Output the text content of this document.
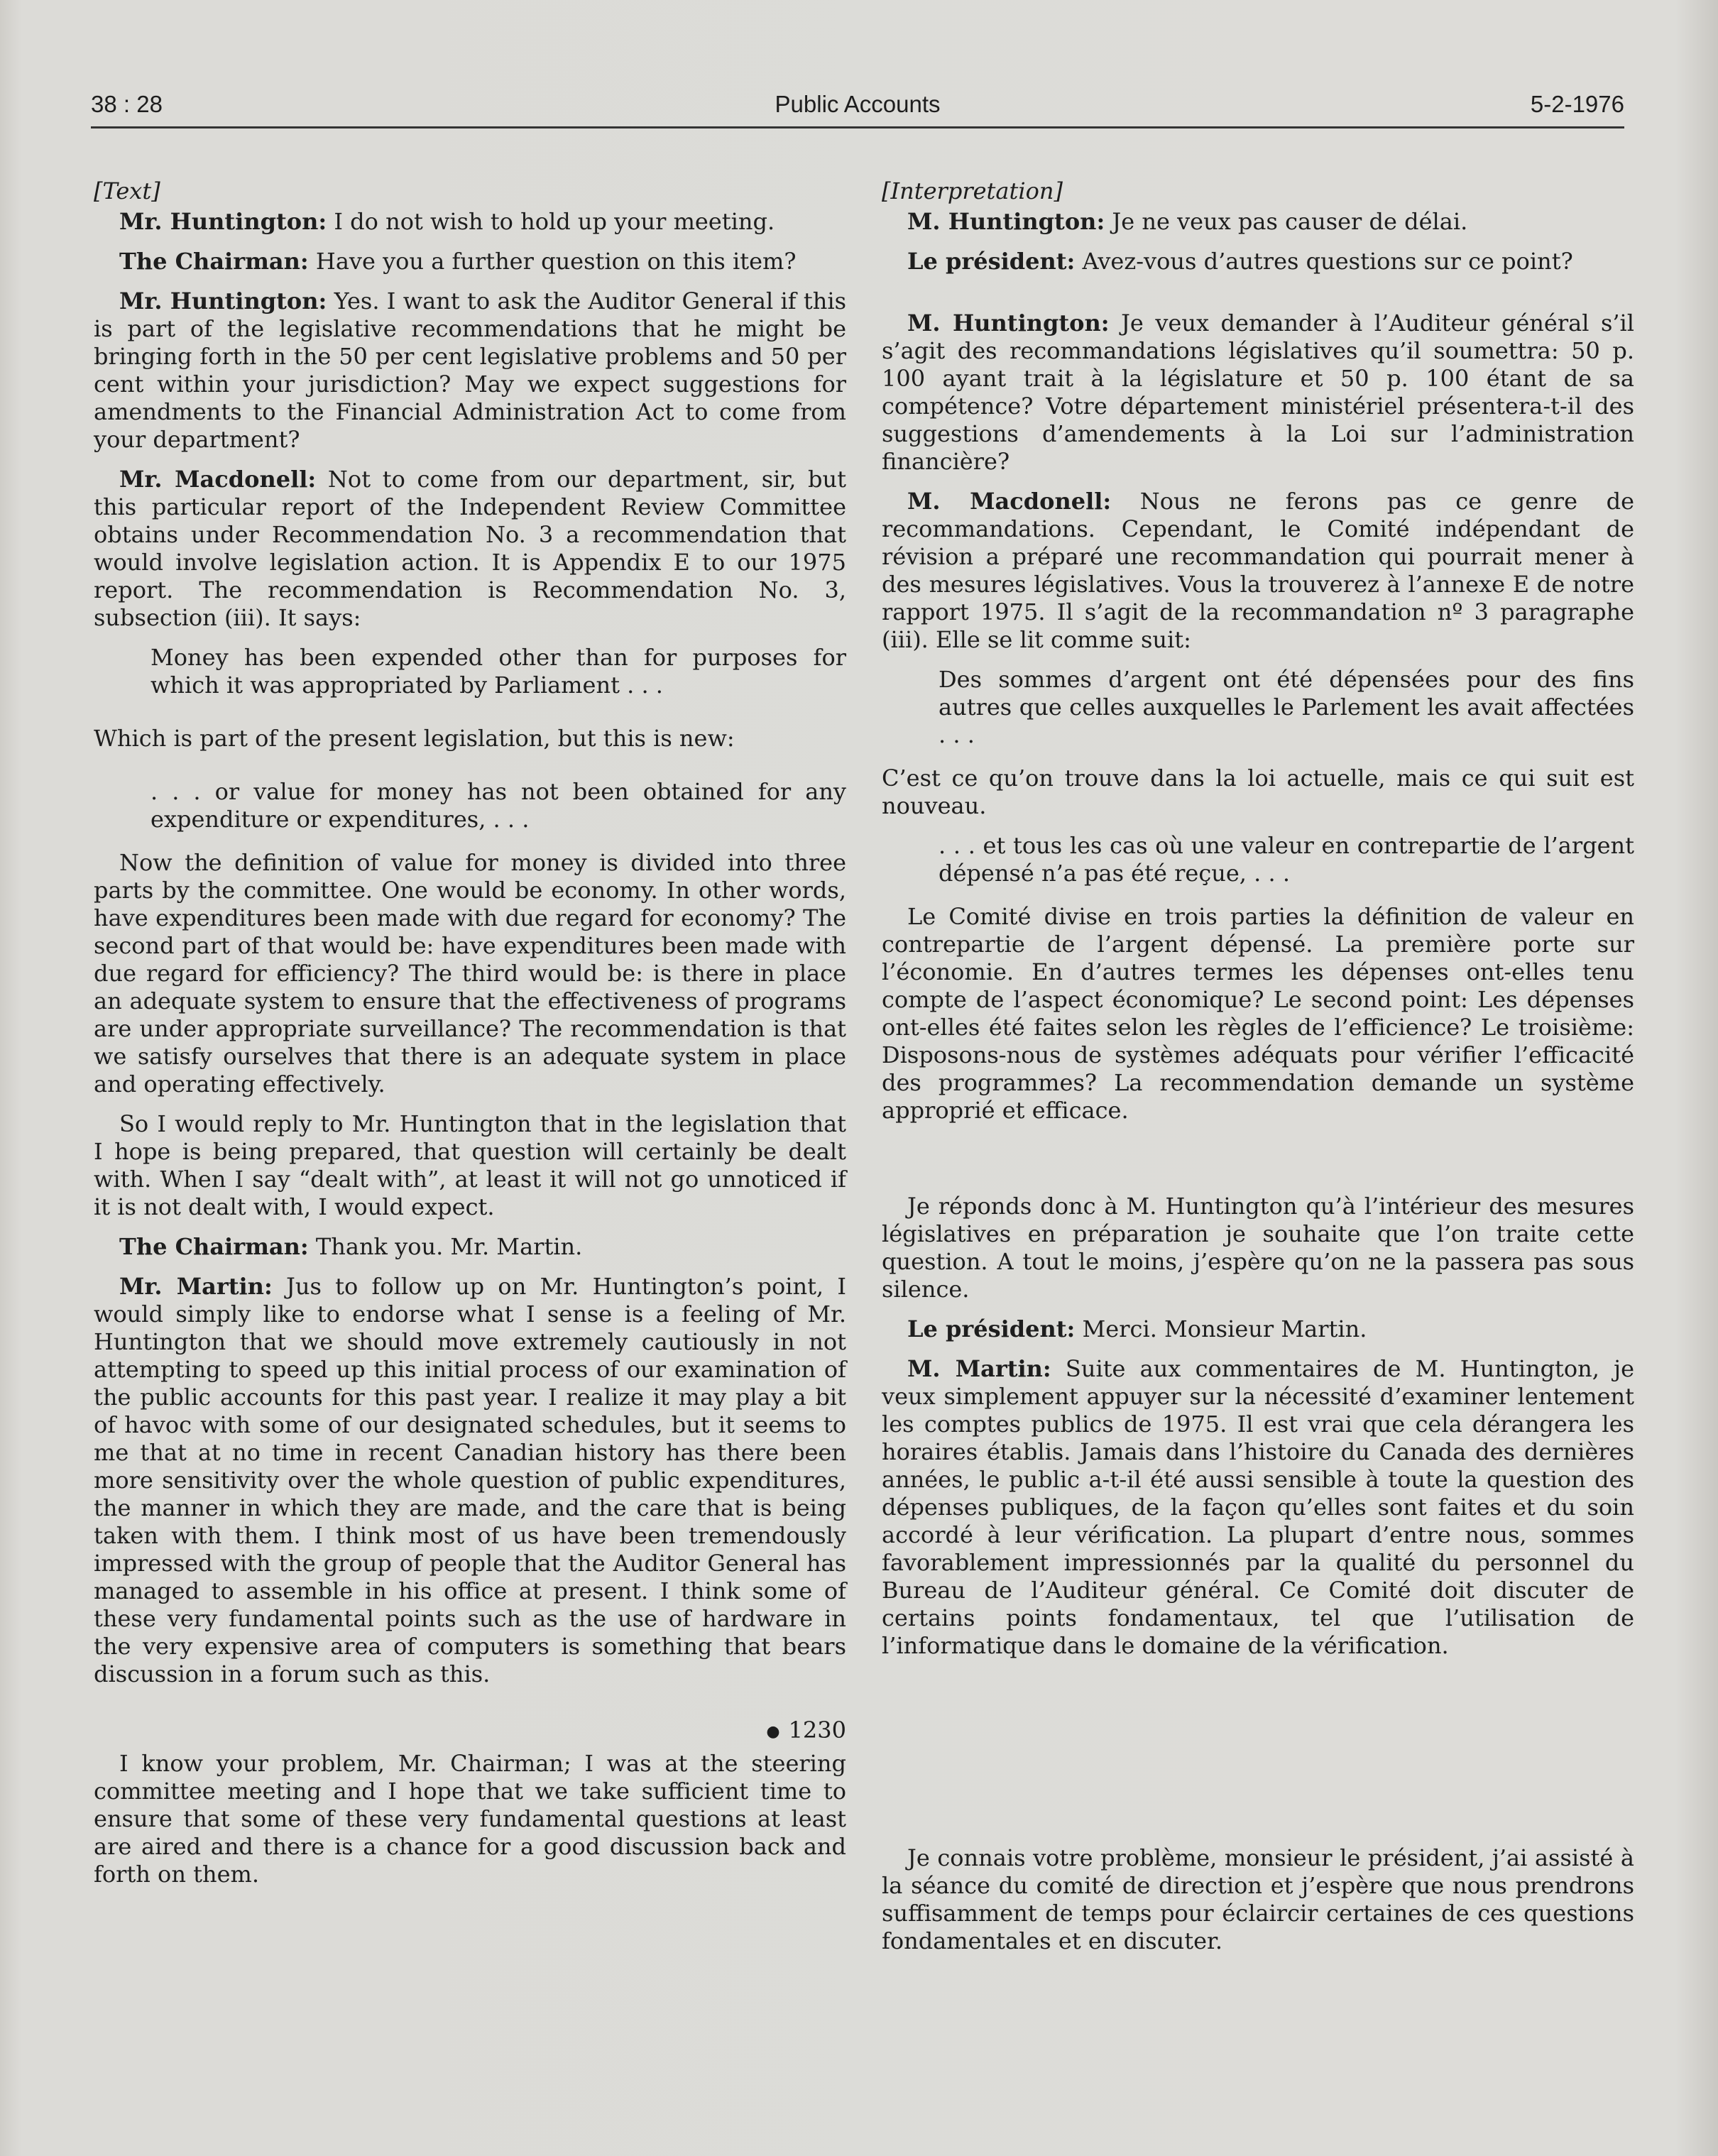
38 : 28	Public Accounts	5-2-1976

[Text]

Mr. Huntington: I do not wish to hold up your meeting.

The Chairman: Have you a further question on this item?

Mr. Huntington: Yes. I want to ask the Auditor General if this is part of the legislative recommendations that he might be bringing forth in the 50 per cent legislative problems and 50 per cent within your jurisdiction? May we expect suggestions for amendments to the Financial Administration Act to come from your department?

Mr. Macdonell: Not to come from our department, sir, but this particular report of the Independent Review Committee obtains under Recommendation No. 3 a recommendation that would involve legislation action. It is Appendix E to our 1975 report. The recommendation is Recommendation No. 3, subsection (iii). It says:

Money has been expended other than for purposes for which it was appropriated by Parliament . . .

Which is part of the present legislation, but this is new:

. . . or value for money has not been obtained for any expenditure or expenditures, . . .

Now the definition of value for money is divided into three parts by the committee. One would be economy. In other words, have expenditures been made with due regard for economy? The second part of that would be: have expenditures been made with due regard for efficiency? The third would be: is there in place an adequate system to ensure that the effectiveness of programs are under appropriate surveillance? The recommendation is that we satisfy ourselves that there is an adequate system in place and operating effectively.

So I would reply to Mr. Huntington that in the legislation that I hope is being prepared, that question will certainly be dealt with. When I say “dealt with”, at least it will not go unnoticed if it is not dealt with, I would expect.

The Chairman: Thank you. Mr. Martin.

Mr. Martin: Jus to follow up on Mr. Huntington’s point, I would simply like to endorse what I sense is a feeling of Mr. Huntington that we should move extremely cautiously in not attempting to speed up this initial process of our examination of the public accounts for this past year. I realize it may play a bit of havoc with some of our designated schedules, but it seems to me that at no time in recent Canadian history has there been more sensitivity over the whole question of public expenditures, the manner in which they are made, and the care that is being taken with them. I think most of us have been tremendously impressed with the group of people that the Auditor General has managed to assemble in his office at present. I think some of these very fundamental points such as the use of hardware in the very expensive area of computers is something that bears discussion in a forum such as this.

● 1230

I know your problem, Mr. Chairman; I was at the steering committee meeting and I hope that we take sufficient time to ensure that some of these very fundamental questions at least are aired and there is a chance for a good discussion back and forth on them.

[Interpretation]

M. Huntington: Je ne veux pas causer de délai.

Le président: Avez-vous d’autres questions sur ce point?

M. Huntington: Je veux demander à l’Auditeur général s’il s’agit des recommandations législatives qu’il soumettra: 50 p. 100 ayant trait à la législature et 50 p. 100 étant de sa compétence? Votre département ministériel présentera-t-il des suggestions d’amendements à la Loi sur l’administration financière?

M. Macdonell: Nous ne ferons pas ce genre de recommandations. Cependant, le Comité indépendant de révision a préparé une recommandation qui pourrait mener à des mesures législatives. Vous la trouverez à l’annexe E de notre rapport 1975. Il s’agit de la recommandation nº 3 paragraphe (iii). Elle se lit comme suit:

Des sommes d’argent ont été dépensées pour des fins autres que celles auxquelles le Parlement les avait affectées . . .

C’est ce qu’on trouve dans la loi actuelle, mais ce qui suit est nouveau.

. . . et tous les cas où une valeur en contrepartie de l’argent dépensé n’a pas été reçue, . . .

Le Comité divise en trois parties la définition de valeur en contrepartie de l’argent dépensé. La première porte sur l’économie. En d’autres termes les dépenses ont-elles tenu compte de l’aspect économique? Le second point: Les dépenses ont-elles été faites selon les règles de l’efficience? Le troisième: Disposons-nous de systèmes adéquats pour vérifier l’efficacité des programmes? La recommendation demande un système approprié et efficace.

Je réponds donc à M. Huntington qu’à l’intérieur des mesures législatives en préparation je souhaite que l’on traite cette question. A tout le moins, j’espère qu’on ne la passera pas sous silence.

Le président: Merci. Monsieur Martin.

M. Martin: Suite aux commentaires de M. Huntington, je veux simplement appuyer sur la nécessité d’examiner lentement les comptes publics de 1975. Il est vrai que cela dérangera les horaires établis. Jamais dans l’histoire du Canada des dernières années, le public a-t-il été aussi sensible à toute la question des dépenses publiques, de la façon qu’elles sont faites et du soin accordé à leur vérification. La plupart d’entre nous, sommes favorablement impressionnés par la qualité du personnel du Bureau de l’Auditeur général. Ce Comité doit discuter de certains points fondamentaux, tel que l’utilisation de l’informatique dans le domaine de la vérification.

Je connais votre problème, monsieur le président, j’ai assisté à la séance du comité de direction et j’espère que nous prendrons suffisamment de temps pour éclaircir certaines de ces questions fondamentales et en discuter.
